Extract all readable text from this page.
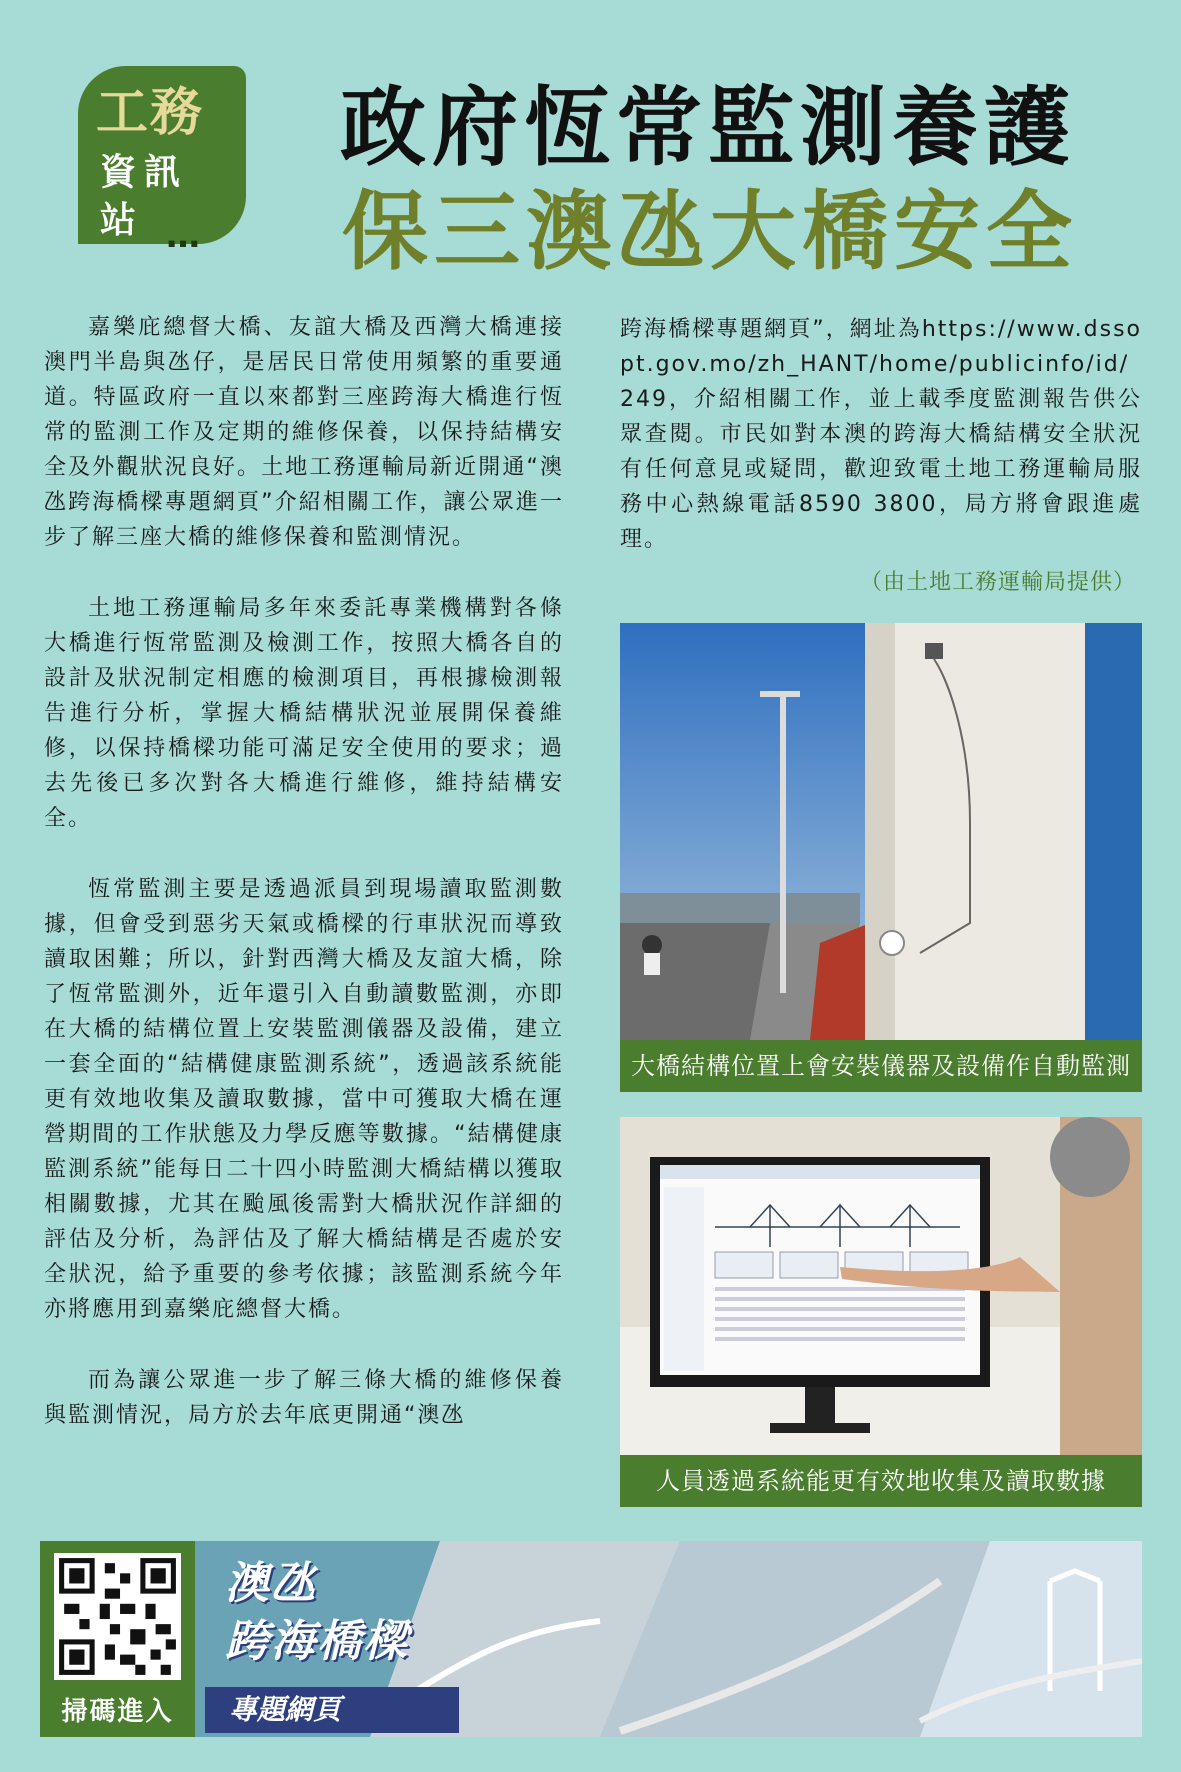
工務
資訊
站 …
政府恆常監測養護
保三澳氹大橋安全

嘉樂庇總督大橋、友誼大橋及西灣大橋連接澳門半島與氹仔，是居民日常使用頻繁的重要通道。特區政府一直以來都對三座跨海大橋進行恆常的監測工作及定期的維修保養，以保持結構安全及外觀狀況良好。土地工務運輸局新近開通“澳氹跨海橋樑專題網頁”介紹相關工作，讓公眾進一步了解三座大橋的維修保養和監測情況。

土地工務運輸局多年來委託專業機構對各條大橋進行恆常監測及檢測工作，按照大橋各自的設計及狀況制定相應的檢測項目，再根據檢測報告進行分析，掌握大橋結構狀況並展開保養維修，以保持橋樑功能可滿足安全使用的要求；過去先後已多次對各大橋進行維修，維持結構安全。

恆常監測主要是透過派員到現場讀取監測數據，但會受到惡劣天氣或橋樑的行車狀況而導致讀取困難；所以，針對西灣大橋及友誼大橋，除了恆常監測外，近年還引入自動讀數監測，亦即在大橋的結構位置上安裝監測儀器及設備，建立一套全面的“結構健康監測系統”，透過該系統能更有效地收集及讀取數據，當中可獲取大橋在運營期間的工作狀態及力學反應等數據。“結構健康監測系統”能每日二十四小時監測大橋結構以獲取相關數據，尤其在颱風後需對大橋狀況作詳細的評估及分析，為評估及了解大橋結構是否處於安全狀況，給予重要的參考依據；該監測系統今年亦將應用到嘉樂庇總督大橋。

而為讓公眾進一步了解三條大橋的維修保養與監測情況，局方於去年底更開通“澳氹

跨海橋樑專題網頁”，網址為https://www.dssopt.gov.mo/zh_HANT/home/publicinfo/id/249，介紹相關工作，並上載季度監測報告供公眾查閱。市民如對本澳的跨海大橋結構安全狀況有任何意見或疑問，歡迎致電土地工務運輸局服務中心熱線電話8590 3800，局方將會跟進處理。

（由土地工務運輸局提供）
大橋結構位置上會安裝儀器及設備作自動監測
人員透過系統能更有效地收集及讀取數據
掃碼進入
澳氹
跨海橋樑
專題網頁
